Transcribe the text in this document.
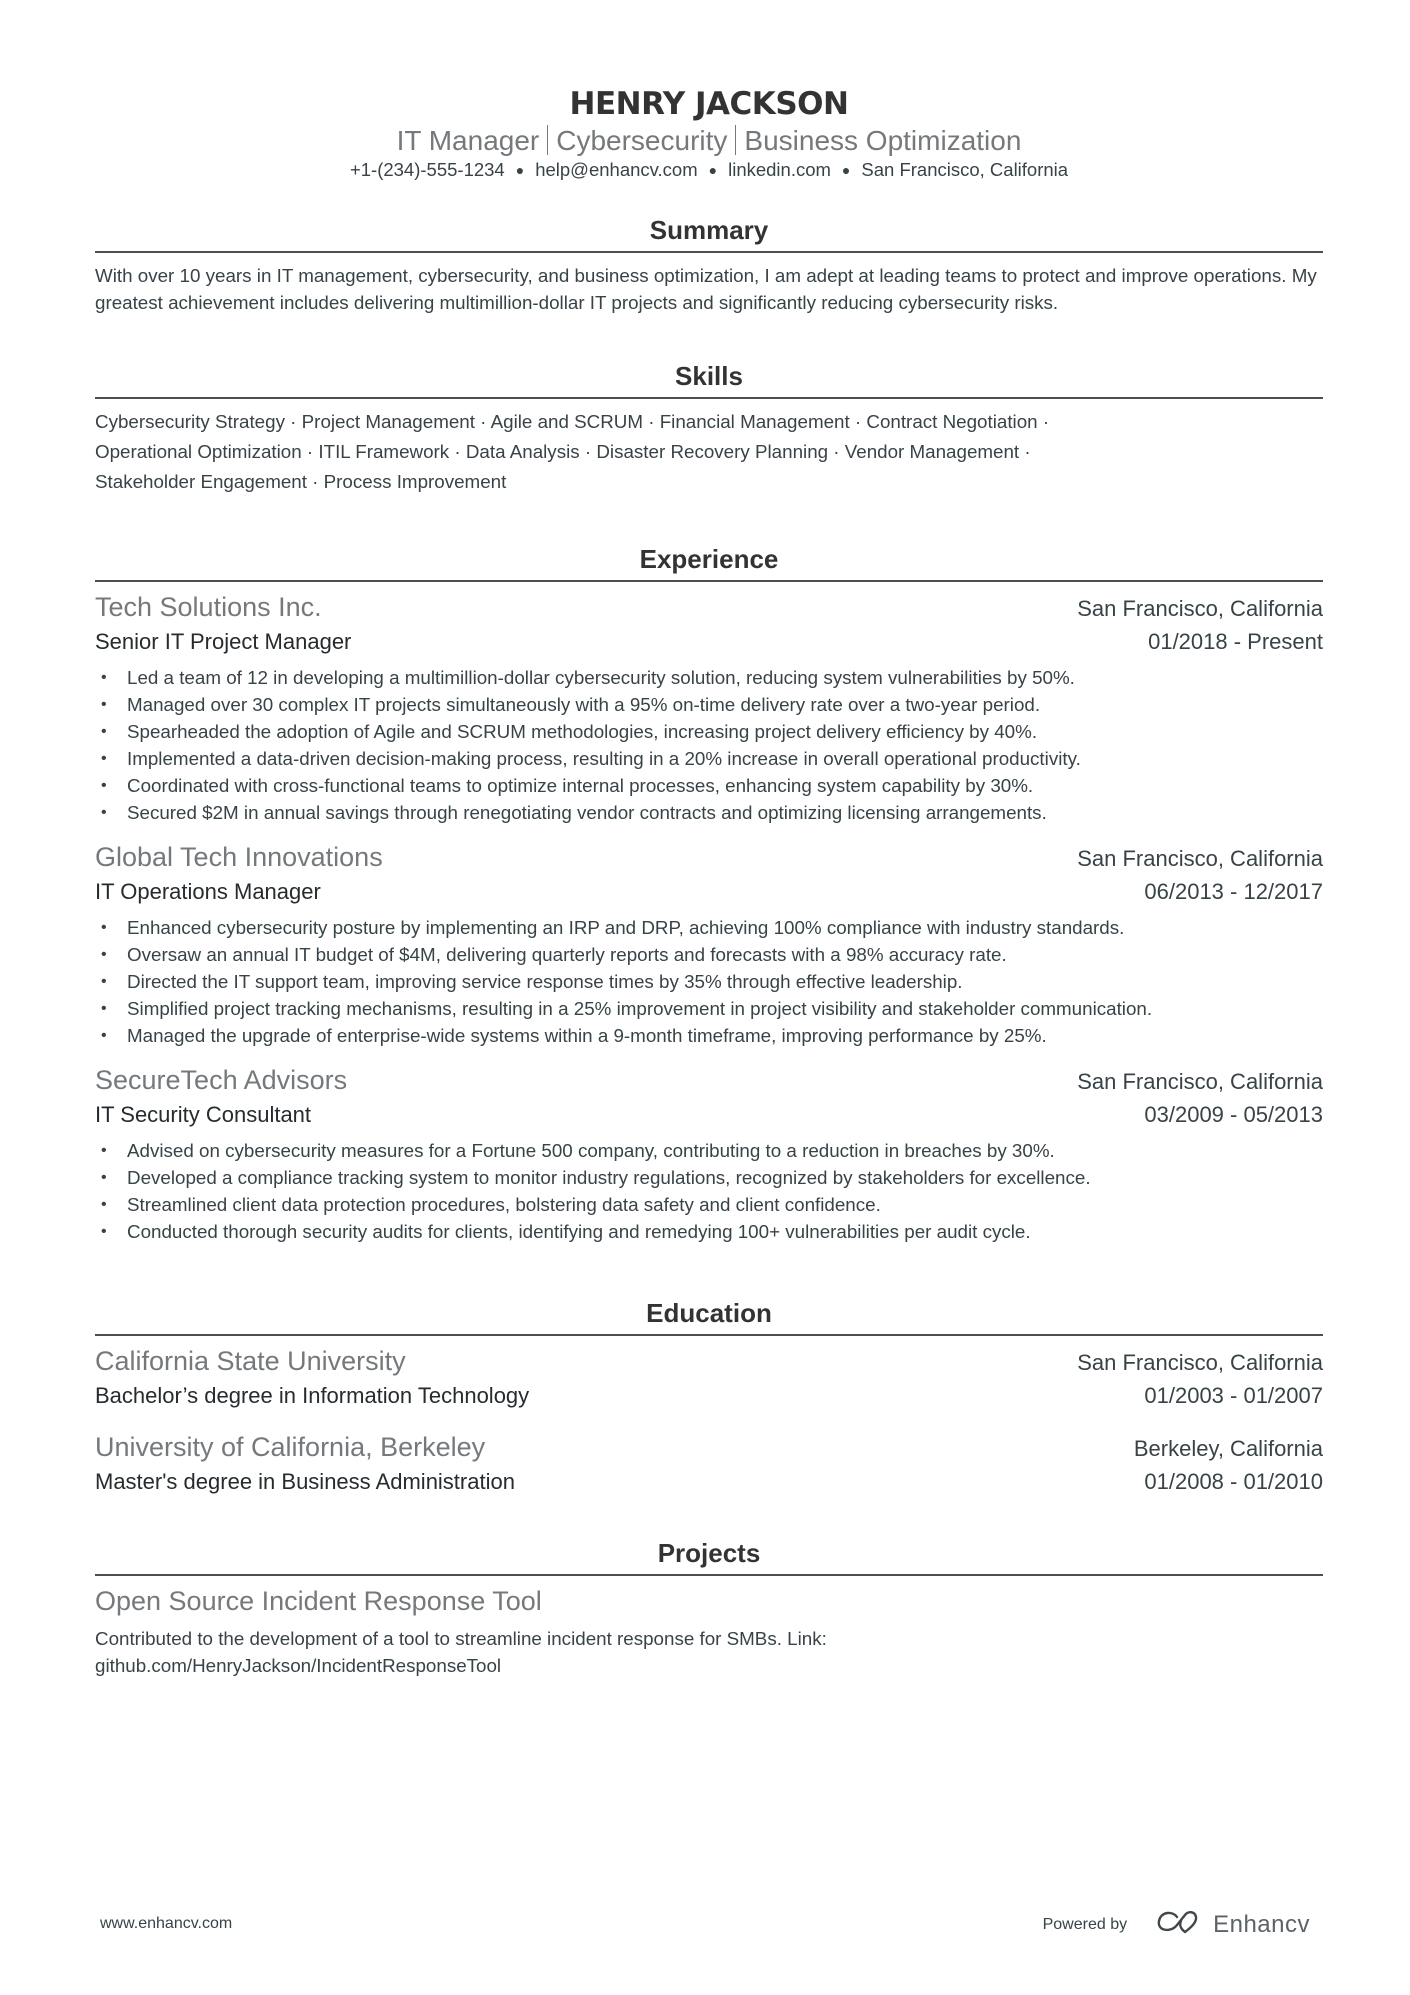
HENRY JACKSON
IT Manager Cybersecurity Business Optimization
+1-(234)-555-1234 ● help@enhancv.com ● linkedin.com ● San Francisco, California
Summary
With over 10 years in IT management, cybersecurity, and business optimization, I am adept at leading teams to protect and improve operations. My greatest achievement includes delivering multimillion-dollar IT projects and significantly reducing cybersecurity risks.
Skills
Cybersecurity Strategy · Project Management · Agile and SCRUM · Financial Management · Contract Negotiation ·
Operational Optimization · ITIL Framework · Data Analysis · Disaster Recovery Planning · Vendor Management ·
Stakeholder Engagement · Process Improvement
Experience
Tech Solutions Inc.	San Francisco, California
Senior IT Project Manager	01/2018 - Present
• Led a team of 12 in developing a multimillion-dollar cybersecurity solution, reducing system vulnerabilities by 50%.
• Managed over 30 complex IT projects simultaneously with a 95% on-time delivery rate over a two-year period.
• Spearheaded the adoption of Agile and SCRUM methodologies, increasing project delivery efficiency by 40%.
• Implemented a data-driven decision-making process, resulting in a 20% increase in overall operational productivity.
• Coordinated with cross-functional teams to optimize internal processes, enhancing system capability by 30%.
• Secured $2M in annual savings through renegotiating vendor contracts and optimizing licensing arrangements.
Global Tech Innovations	San Francisco, California
IT Operations Manager	06/2013 - 12/2017
• Enhanced cybersecurity posture by implementing an IRP and DRP, achieving 100% compliance with industry standards.
• Oversaw an annual IT budget of $4M, delivering quarterly reports and forecasts with a 98% accuracy rate.
• Directed the IT support team, improving service response times by 35% through effective leadership.
• Simplified project tracking mechanisms, resulting in a 25% improvement in project visibility and stakeholder communication.
• Managed the upgrade of enterprise-wide systems within a 9-month timeframe, improving performance by 25%.
SecureTech Advisors	San Francisco, California
IT Security Consultant	03/2009 - 05/2013
• Advised on cybersecurity measures for a Fortune 500 company, contributing to a reduction in breaches by 30%.
• Developed a compliance tracking system to monitor industry regulations, recognized by stakeholders for excellence.
• Streamlined client data protection procedures, bolstering data safety and client confidence.
• Conducted thorough security audits for clients, identifying and remedying 100+ vulnerabilities per audit cycle.
Education
California State University	San Francisco, California
Bachelor’s degree in Information Technology	01/2003 - 01/2007
University of California, Berkeley	Berkeley, California
Master's degree in Business Administration	01/2008 - 01/2010
Projects
Open Source Incident Response Tool
Contributed to the development of a tool to streamline incident response for SMBs. Link:
github.com/HenryJackson/IncidentResponseTool
www.enhancv.com	Powered by	Enhancv
